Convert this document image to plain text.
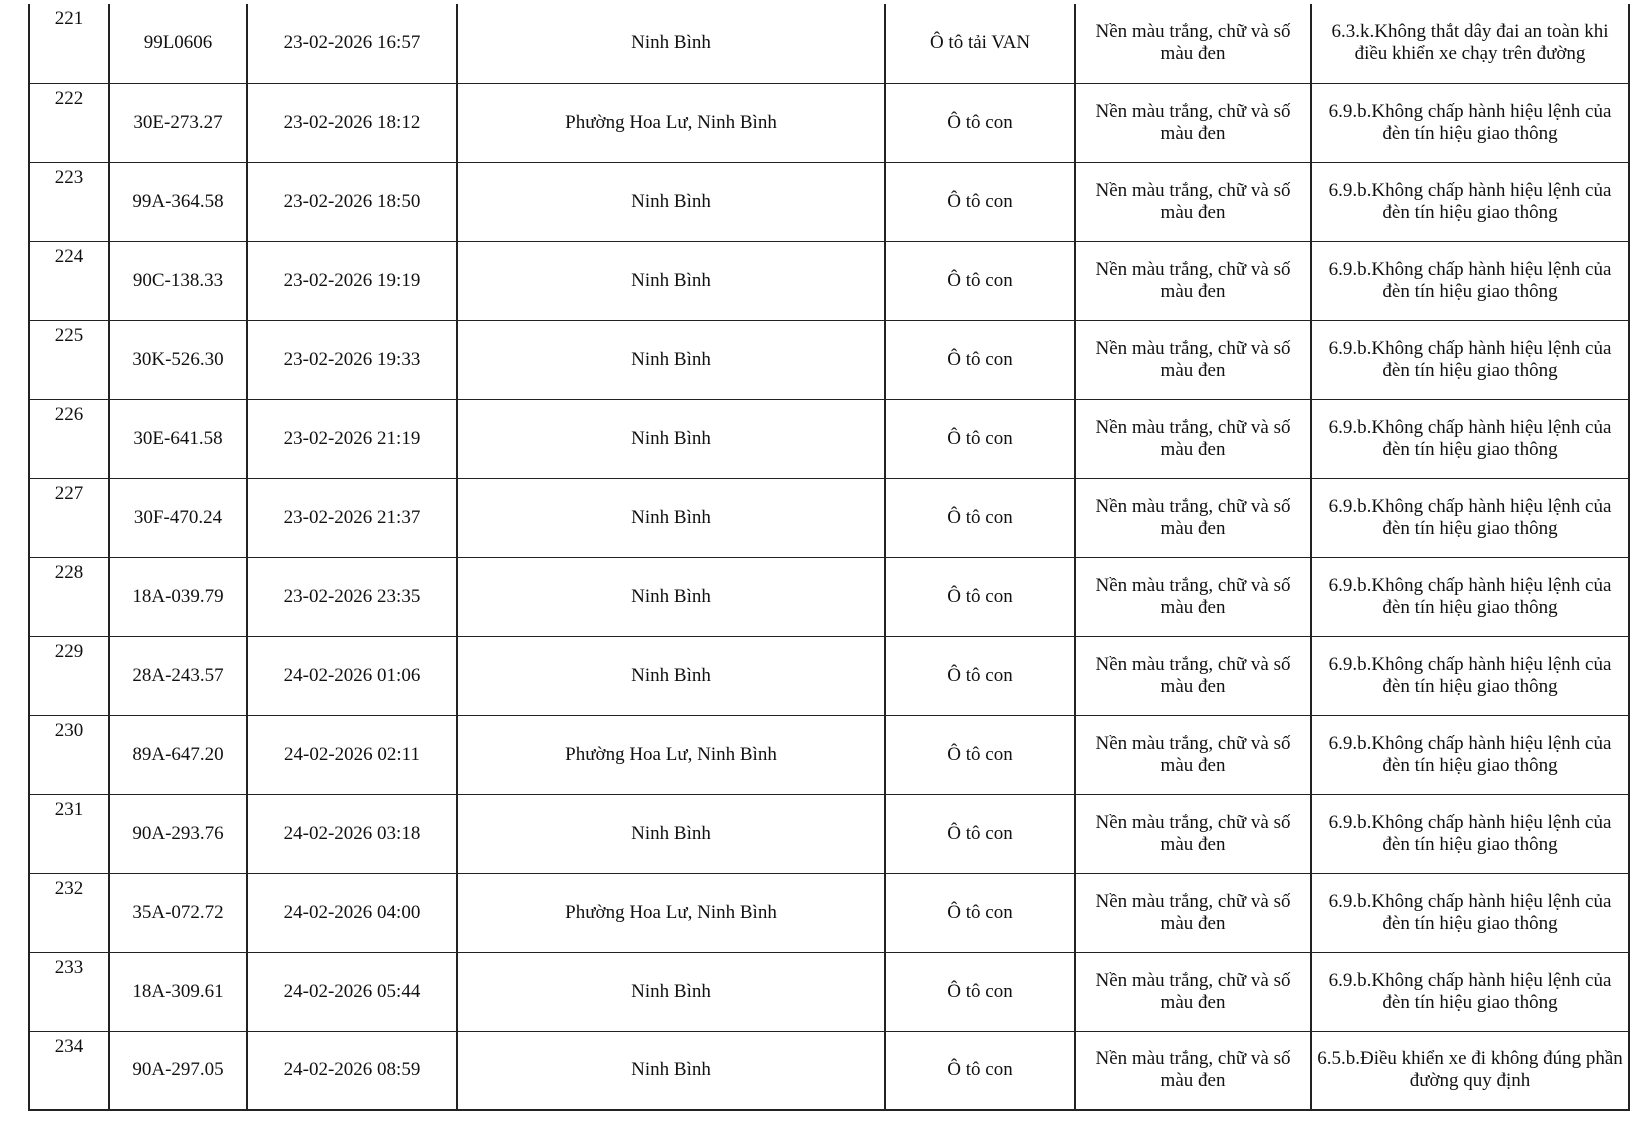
221	99L0606	23-02-2026 16:57	Ninh Bình	Ô tô tải VAN	Nền màu trắng, chữ và số màu đen	6.3.k.Không thắt dây đai an toàn khi điều khiển xe chạy trên đường
222	30E-273.27	23-02-2026 18:12	Phường Hoa Lư, Ninh Bình	Ô tô con	Nền màu trắng, chữ và số màu đen	6.9.b.Không chấp hành hiệu lệnh của đèn tín hiệu giao thông
223	99A-364.58	23-02-2026 18:50	Ninh Bình	Ô tô con	Nền màu trắng, chữ và số màu đen	6.9.b.Không chấp hành hiệu lệnh của đèn tín hiệu giao thông
224	90C-138.33	23-02-2026 19:19	Ninh Bình	Ô tô con	Nền màu trắng, chữ và số màu đen	6.9.b.Không chấp hành hiệu lệnh của đèn tín hiệu giao thông
225	30K-526.30	23-02-2026 19:33	Ninh Bình	Ô tô con	Nền màu trắng, chữ và số màu đen	6.9.b.Không chấp hành hiệu lệnh của đèn tín hiệu giao thông
226	30E-641.58	23-02-2026 21:19	Ninh Bình	Ô tô con	Nền màu trắng, chữ và số màu đen	6.9.b.Không chấp hành hiệu lệnh của đèn tín hiệu giao thông
227	30F-470.24	23-02-2026 21:37	Ninh Bình	Ô tô con	Nền màu trắng, chữ và số màu đen	6.9.b.Không chấp hành hiệu lệnh của đèn tín hiệu giao thông
228	18A-039.79	23-02-2026 23:35	Ninh Bình	Ô tô con	Nền màu trắng, chữ và số màu đen	6.9.b.Không chấp hành hiệu lệnh của đèn tín hiệu giao thông
229	28A-243.57	24-02-2026 01:06	Ninh Bình	Ô tô con	Nền màu trắng, chữ và số màu đen	6.9.b.Không chấp hành hiệu lệnh của đèn tín hiệu giao thông
230	89A-647.20	24-02-2026 02:11	Phường Hoa Lư, Ninh Bình	Ô tô con	Nền màu trắng, chữ và số màu đen	6.9.b.Không chấp hành hiệu lệnh của đèn tín hiệu giao thông
231	90A-293.76	24-02-2026 03:18	Ninh Bình	Ô tô con	Nền màu trắng, chữ và số màu đen	6.9.b.Không chấp hành hiệu lệnh của đèn tín hiệu giao thông
232	35A-072.72	24-02-2026 04:00	Phường Hoa Lư, Ninh Bình	Ô tô con	Nền màu trắng, chữ và số màu đen	6.9.b.Không chấp hành hiệu lệnh của đèn tín hiệu giao thông
233	18A-309.61	24-02-2026 05:44	Ninh Bình	Ô tô con	Nền màu trắng, chữ và số màu đen	6.9.b.Không chấp hành hiệu lệnh của đèn tín hiệu giao thông
234	90A-297.05	24-02-2026 08:59	Ninh Bình	Ô tô con	Nền màu trắng, chữ và số màu đen	6.5.b.Điều khiển xe đi không đúng phần đường quy định
